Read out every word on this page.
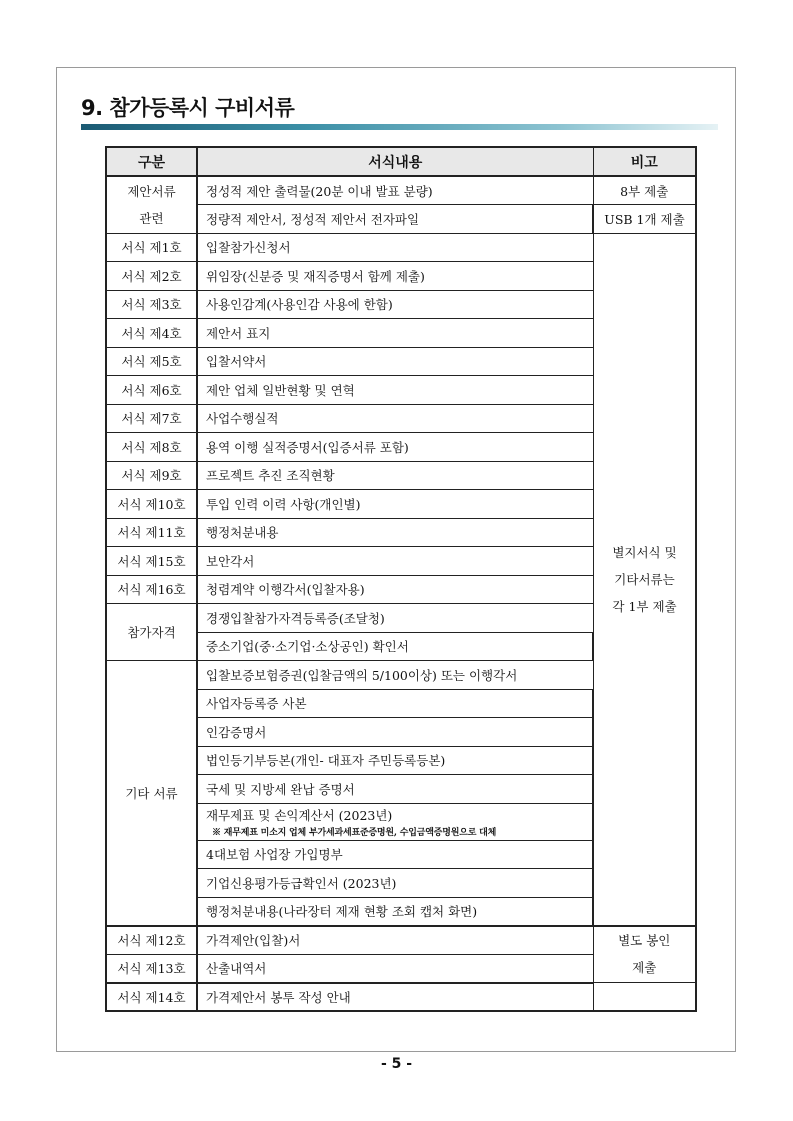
9. 참가등록시 구비서류
구분	서식내용	비고
제안서류
관련	정성적 제안 출력물(20분 이내 발표 분량)	8부 제출
	정량적 제안서, 정성적 제안서 전자파일	USB 1개 제출
서식 제1호	입찰참가신청서	별지서식 및
기타서류는
각 1부 제출
서식 제2호	위임장(신분증 및 재직증명서 함께 제출)	
서식 제3호	사용인감계(사용인감 사용에 한함)	
서식 제4호	제안서 표지	
서식 제5호	입찰서약서	
서식 제6호	제안 업체 일반현황 및 연혁	
서식 제7호	사업수행실적	
서식 제8호	용역 이행 실적증명서(입증서류 포함)	
서식 제9호	프로젝트 추진 조직현황	
서식 제10호	투입 인력 이력 사항(개인별)	
서식 제11호	행정처분내용	
서식 제15호	보안각서	
서식 제16호	청렴계약 이행각서(입찰자용)	
참가자격	경쟁입찰참가자격등록증(조달청)	
	중소기업(중·소기업·소상공인) 확인서	
기타 서류	입찰보증보험증권(입찰금액의 5/100이상) 또는 이행각서	
	사업자등록증 사본	
	인감증명서	
	법인등기부등본(개인- 대표자 주민등록등본)	
	국세 및 지방세 완납 증명서	
	재무제표 및 손익계산서 (2023년)
※ 재무제표 미소지 업체 부가세과세표준증명원, 수입금액증명원으로 대체	

	4대보험 사업장 가입명부	
	기업신용평가등급확인서 (2023년)	
	행정처분내용(나라장터 제재 현황 조회 캡처 화면)	
서식 제12호	가격제안(입찰)서	별도 봉인
제출
서식 제13호	산출내역서	
서식 제14호	가격제안서 봉투 작성 안내	
- 5 -
